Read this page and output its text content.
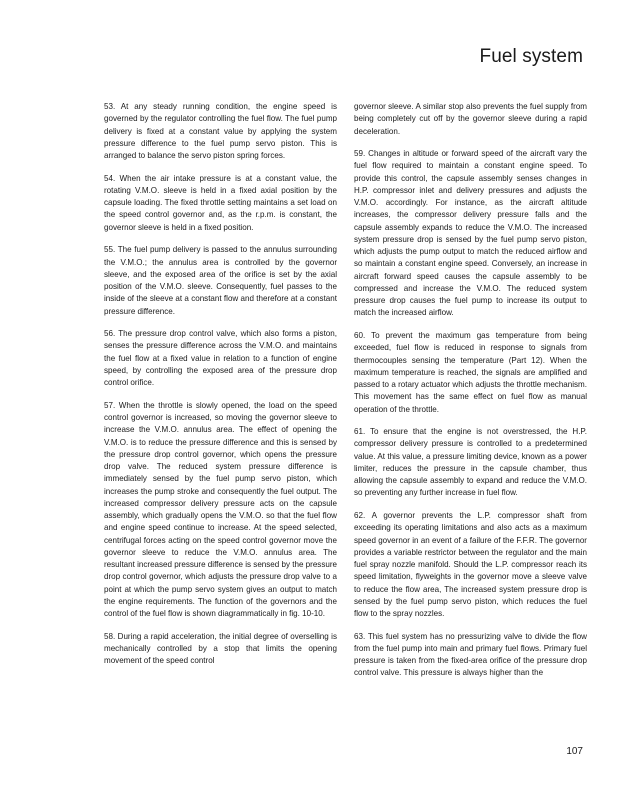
Fuel system

53. At any steady running condition, the engine speed is governed by the regulator controlling the fuel flow. The fuel pump delivery is fixed at a constant value by applying the system pressure difference to the fuel pump servo piston. This is arranged to balance the servo piston spring forces.

54. When the air intake pressure is at a constant value, the rotating V.M.O. sleeve is held in a fixed axial position by the capsule loading. The fixed throttle setting maintains a set load on the speed control governor and, as the r.p.m. is constant, the governor sleeve is held in a fixed position.

55. The fuel pump delivery is passed to the annulus surrounding the V.M.O.; the annulus area is controlled by the governor sleeve, and the exposed area of the orifice is set by the axial position of the V.M.O. sleeve. Consequently, fuel passes to the inside of the sleeve at a constant flow and therefore at a constant pressure difference.

56. The pressure drop control valve, which also forms a piston, senses the pressure difference across the V.M.O. and maintains the fuel flow at a fixed value in relation to a function of engine speed, by controlling the exposed area of the pressure drop control orifice.

57. When the throttle is slowly opened, the load on the speed control governor is increased, so moving the governor sleeve to increase the V.M.O. annulus area. The effect of opening the V.M.O. is to reduce the pressure difference and this is sensed by the pressure drop control governor, which opens the pressure drop valve. The reduced system pressure difference is immediately sensed by the fuel pump servo piston, which increases the pump stroke and consequently the fuel output. The increased compressor delivery pressure acts on the capsule assembly, which gradually opens the V.M.O. so that the fuel flow and engine speed continue to increase. At the speed selected, centrifugal forces acting on the speed control governor move the governor sleeve to reduce the V.M.O. annulus area. The resultant increased pressure difference is sensed by the pressure drop control governor, which adjusts the pressure drop valve to a point at which the pump servo system gives an output to match the engine requirements. The function of the governors and the control of the fuel flow is shown diagrammatically in fig. 10-10.

58. During a rapid acceleration, the initial degree of overselling is mechanically controlled by a stop that limits the opening movement of the speed control

governor sleeve. A similar stop also prevents the fuel supply from being completely cut off by the governor sleeve during a rapid deceleration.

59. Changes in altitude or forward speed of the aircraft vary the fuel flow required to maintain a constant engine speed. To provide this control, the capsule assembly senses changes in H.P. compressor inlet and delivery pressures and adjusts the V.M.O. accordingly. For instance, as the aircraft altitude increases, the compressor delivery pressure falls and the capsule assembly expands to reduce the V.M.O. The increased system pressure drop is sensed by the fuel pump servo piston, which adjusts the pump output to match the reduced airflow and so maintain a constant engine speed. Conversely, an increase in aircraft forward speed causes the capsule assembly to be compressed and increase the V.M.O. The reduced system pressure drop causes the fuel pump to increase its output to match the increased airflow.

60. To prevent the maximum gas temperature from being exceeded, fuel flow is reduced in response to signals from thermocouples sensing the temperature (Part 12). When the maximum temperature is reached, the signals are amplified and passed to a rotary actuator which adjusts the throttle mechanism. This movement has the same effect on fuel flow as manual operation of the throttle.

61. To ensure that the engine is not overstressed, the H.P. compressor delivery pressure is controlled to a predetermined value. At this value, a pressure limiting device, known as a power limiter, reduces the pressure in the capsule chamber, thus allowing the capsule assembly to expand and reduce the V.M.O. so preventing any further increase in fuel flow.

62. A governor prevents the L.P. compressor shaft from exceeding its operating limitations and also acts as a maximum speed governor in an event of a failure of the F.F.R. The governor provides a variable restrictor between the regulator and the main fuel spray nozzle manifold. Should the L.P. compressor reach its speed limitation, flyweights in the governor move a sleeve valve to reduce the flow area, The increased system pressure drop is sensed by the fuel pump servo piston, which reduces the fuel flow to the spray nozzles.

63. This fuel system has no pressurizing valve to divide the flow from the fuel pump into main and primary fuel flows. Primary fuel pressure is taken from the fixed-area orifice of the pressure drop control valve. This pressure is always higher than the

107
